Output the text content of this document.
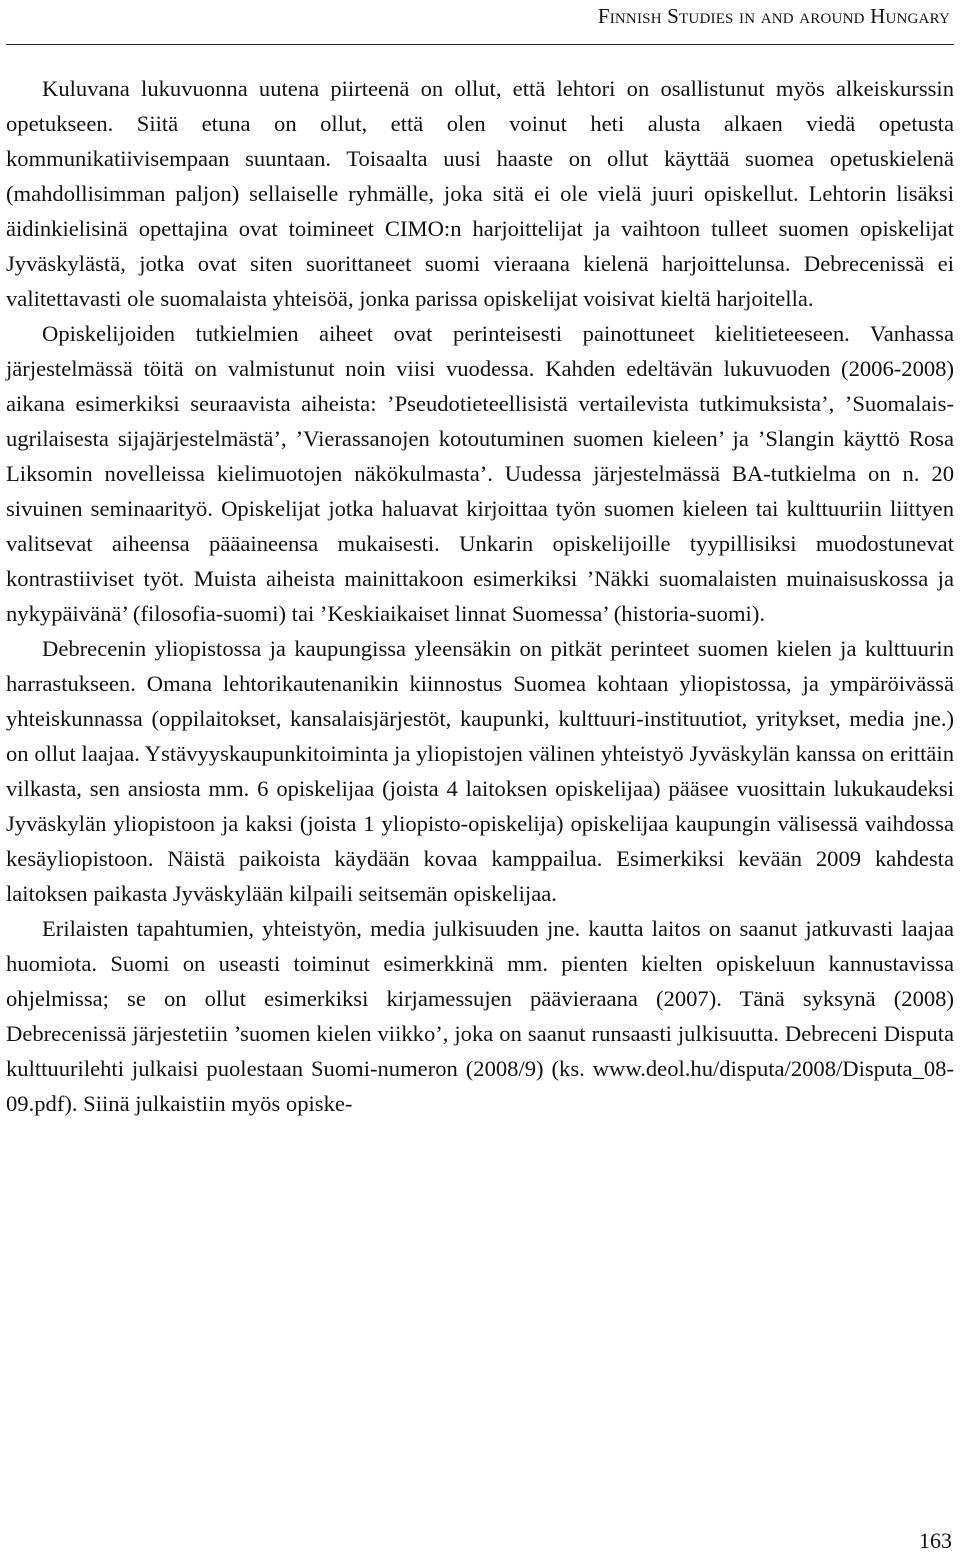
Finnish Studies in and around Hungary

Kuluvana lukuvuonna uutena piirteenä on ollut, että lehtori on osallistunut myös alkeiskurssin opetukseen. Siitä etuna on ollut, että olen voinut heti alusta alkaen viedä opetusta kommunikatiivisempaan suuntaan. Toisaalta uusi haaste on ollut käyttää suomea opetuskielenä (mahdollisimman paljon) sellaiselle ryhmälle, joka sitä ei ole vielä juuri opiskellut. Lehtorin lisäksi äidinkielisinä opettajina ovat toimineet CIMO:n harjoittelijat ja vaihtoon tulleet suomen opiskelijat Jyväskylästä, jotka ovat siten suorittaneet suomi vieraana kielenä harjoittelunsa. Debrecenissä ei valitettavasti ole suomalaista yhteisöä, jonka parissa opiskelijat voisivat kieltä harjoitella.

Opiskelijoiden tutkielmien aiheet ovat perinteisesti painottuneet kielitieteeseen. Vanhassa järjestelmässä töitä on valmistunut noin viisi vuodessa. Kahden edeltävän lukuvuoden (2006-2008) aikana esimerkiksi seuraavista aiheista: ’Pseudotieteellisistä vertailevista tutkimuksista’, ’Suomalais-ugrilaisesta sijajärjestelmästä’, ’Vierassanojen kotoutuminen suomen kieleen’ ja ’Slangin käyttö Rosa Liksomin novelleissa kielimuotojen näkökulmasta’. Uudessa järjestelmässä BA-tutkielma on n. 20 sivuinen seminaarityö. Opiskelijat jotka haluavat kirjoittaa työn suomen kieleen tai kulttuuriin liittyen valitsevat aiheensa pääaineensa mukaisesti. Unkarin opiskelijoille tyypillisiksi muodostunevat kontrastiiviset työt. Muista aiheista mainittakoon esimerkiksi ’Näkki suomalaisten muinaisuskossa ja nykypäivänä’ (filosofia-suomi) tai ’Keskiaikaiset linnat Suomessa’ (historia-suomi).

Debrecenin yliopistossa ja kaupungissa yleensäkin on pitkät perinteet suomen kielen ja kulttuurin harrastukseen. Omana lehtorikautenanikin kiinnostus Suomea kohtaan yliopistossa, ja ympäröivässä yhteiskunnassa (oppilaitokset, kansalaisjärjestöt, kaupunki, kulttuuri-instituutiot, yritykset, media jne.) on ollut laajaa. Ystävyyskaupunkitoiminta ja yliopistojen välinen yhteistyö Jyväskylän kanssa on erittäin vilkasta, sen ansiosta mm. 6 opiskelijaa (joista 4 laitoksen opiskelijaa) pääsee vuosittain lukukaudeksi Jyväskylän yliopistoon ja kaksi (joista 1 yliopisto-opiskelija) opiskelijaa kaupungin välisessä vaihdossa kesäyliopistoon. Näistä paikoista käydään kovaa kamppailua. Esimerkiksi kevään 2009 kahdesta laitoksen paikasta Jyväskylään kilpaili seitsemän opiskelijaa.

Erilaisten tapahtumien, yhteistyön, media julkisuuden jne. kautta laitos on saanut jatkuvasti laajaa huomiota. Suomi on useasti toiminut esimerkkinä mm. pienten kielten opiskeluun kannustavissa ohjelmissa; se on ollut esimerkiksi kirjamessujen päävieraana (2007). Tänä syksynä (2008) Debrecenissä järjestetiin ’suomen kielen viikko’, joka on saanut runsaasti julkisuutta. Debreceni Disputa kulttuurilehti julkaisi puolestaan Suomi-numeron (2008/9) (ks. www.deol.hu/disputa/2008/Disputa_08-09.pdf). Siinä julkaistiin myös opiske-

163
